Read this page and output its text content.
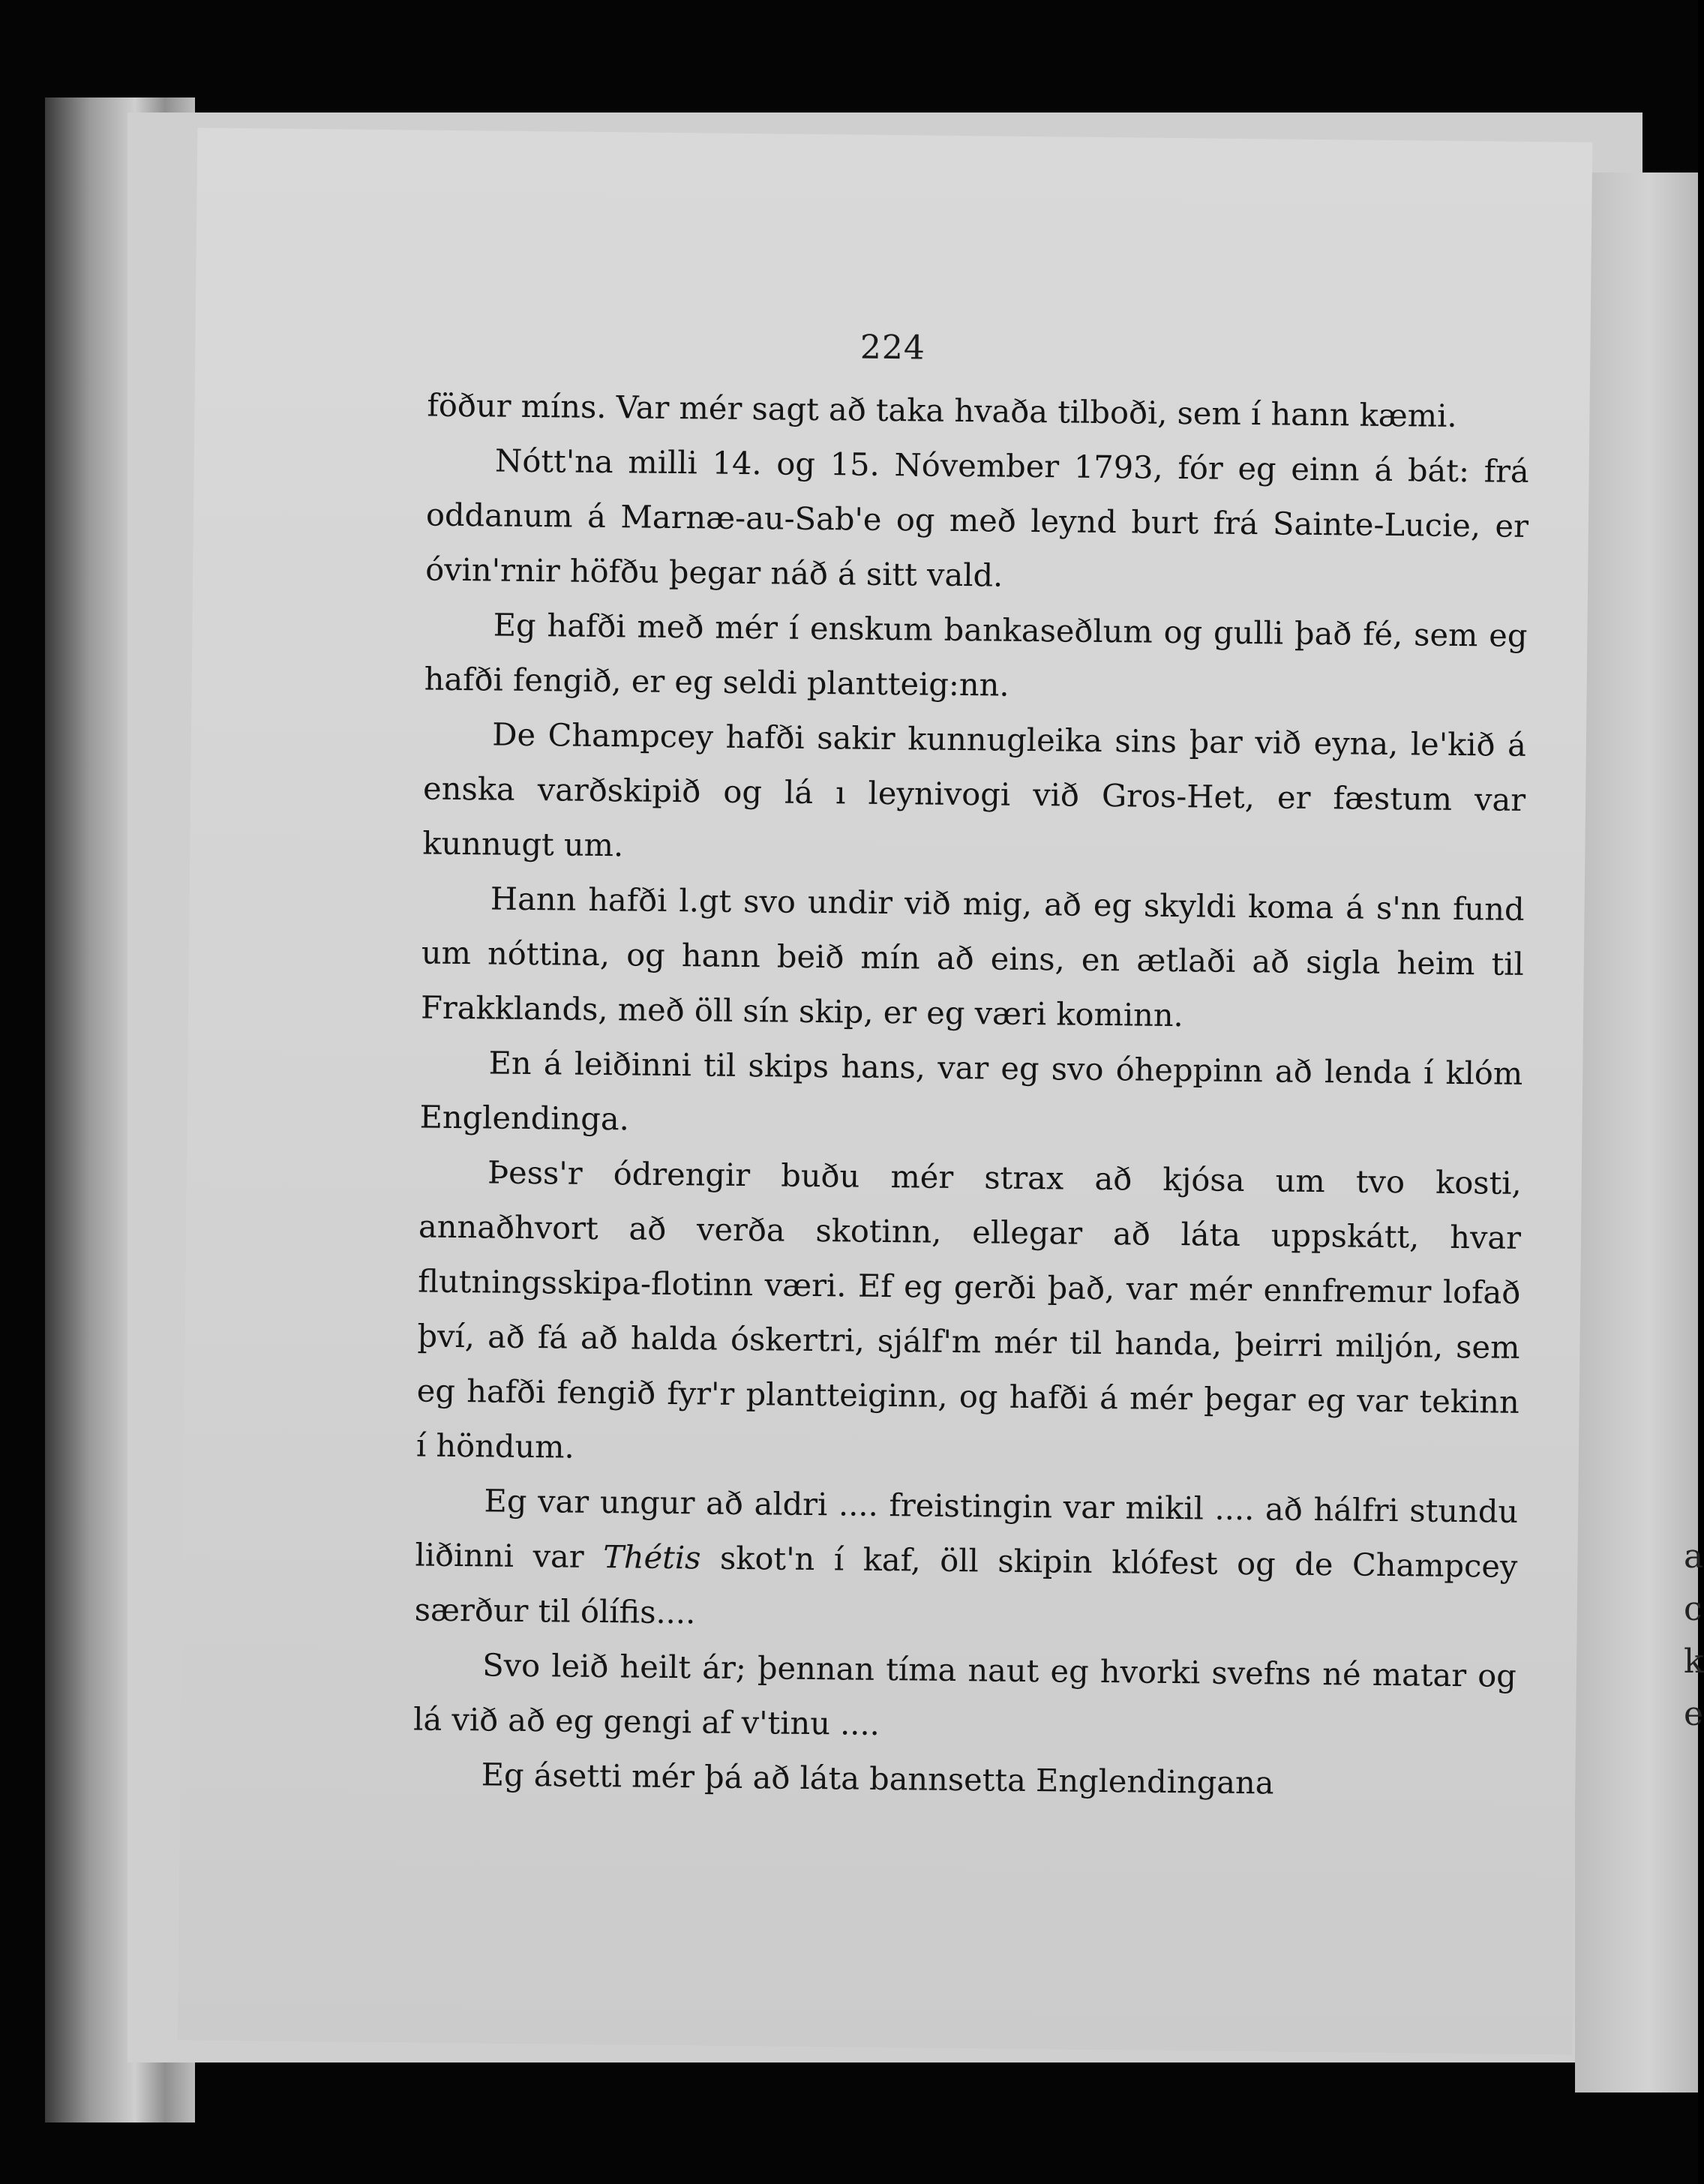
a
c
k
e
224

föður míns. Var mér sagt að taka hvaða tilboði, sem í hann kæmi.

Nótt'na milli 14. og 15. Nóvember 1793, fór eg einn á bát: frá oddanum á Marnæ-au-Sab'e og með leynd burt frá Sainte-Lucie, er óvin'rnir höfðu þegar náð á sitt vald.

Eg hafði með mér í enskum bankaseðlum og gulli það fé, sem eg hafði fengið, er eg seldi plantteig:nn.

De Champcey hafði sakir kunnugleika sins þar við eyna, le'kið á enska varðskipið og lá ı leynivogi við Gros-Het, er fæstum var kunnugt um.

Hann hafði l.gt svo undir við mig, að eg skyldi koma á s'nn fund um nóttina, og hann beið mín að eins, en ætlaði að sigla heim til Frakklands, með öll sín skip, er eg væri kominn.

En á leiðinni til skips hans, var eg svo óheppinn að lenda í klóm Englendinga.

Þess'r ódrengir buðu mér strax að kjósa um tvo kosti, annaðhvort að verða skotinn, ellegar að láta uppskátt, hvar flutningsskipa-flotinn væri. Ef eg gerði það, var mér ennfremur lofað því, að fá að halda óskertri, sjálf'm mér til handa, þeirri miljón, sem eg hafði fengið fyr'r plantteiginn, og hafði á mér þegar eg var tekinn í höndum.

Eg var ungur að aldri .... freistingin var mikil .... að hálfri stundu liðinni var Thétis skot'n í kaf, öll skipin klófest og de Champcey særður til ólífis....

Svo leið heilt ár; þennan tíma naut eg hvorki svefns né matar og lá við að eg gengi af v'tinu ....

Eg ásetti mér þá að láta bannsetta Englendingana
